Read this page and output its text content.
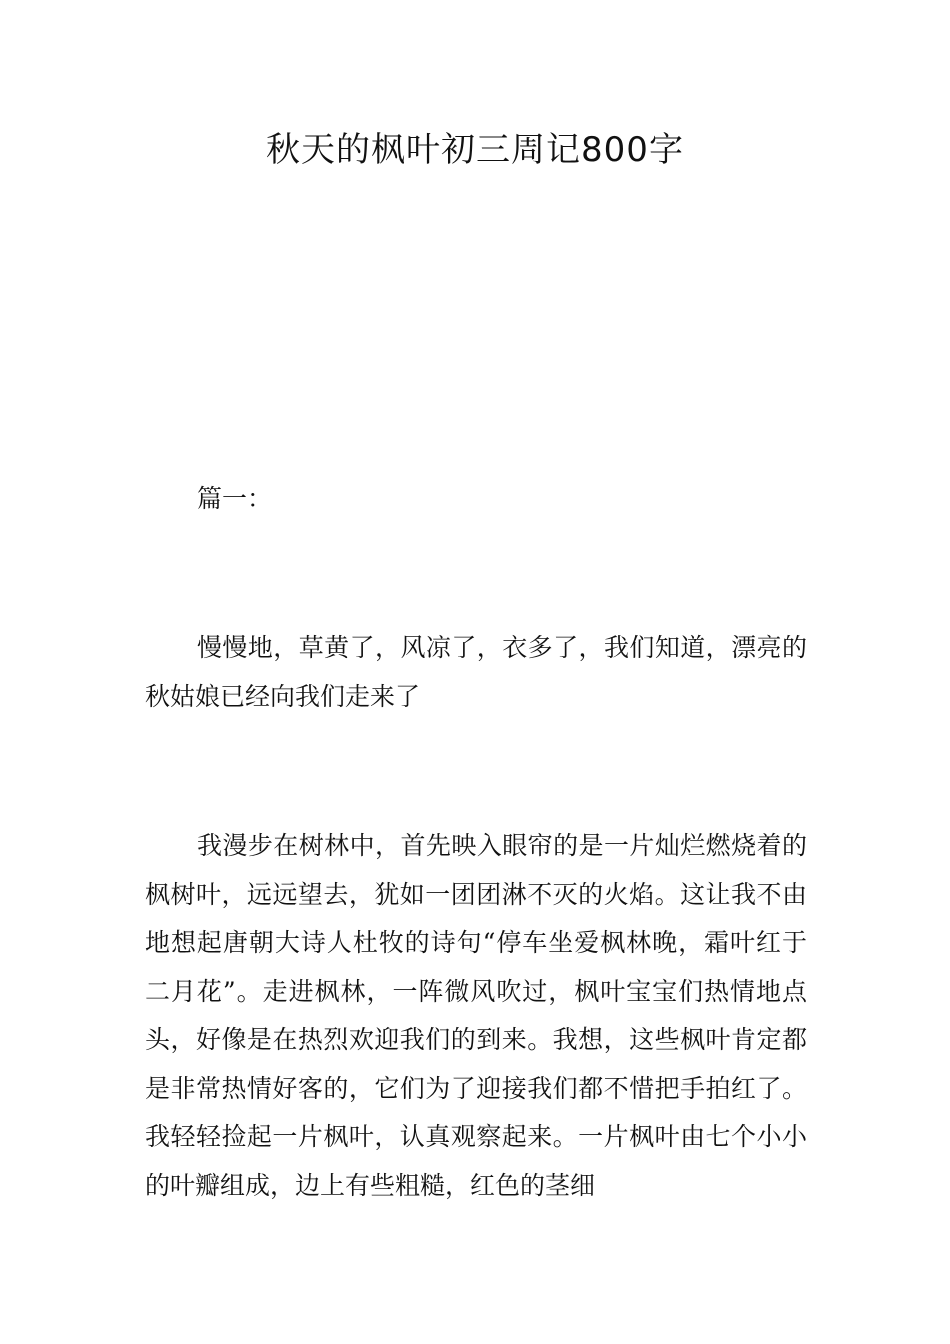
秋天的枫叶初三周记800字

篇一：

慢慢地，草黄了，风凉了，衣多了，我们知道，漂亮的秋姑娘已经向我们走来了

我漫步在树林中，首先映入眼帘的是一片灿烂燃烧着的枫树叶，远远望去，犹如一团团淋不灭的火焰。这让我不由地想起唐朝大诗人杜牧的诗句“停车坐爱枫林晚，霜叶红于二月花”。走进枫林，一阵微风吹过，枫叶宝宝们热情地点头，好像是在热烈欢迎我们的到来。我想，这些枫叶肯定都是非常热情好客的，它们为了迎接我们都不惜把手拍红了。我轻轻捡起一片枫叶，认真观察起来。一片枫叶由七个小小的叶瓣组成，边上有些粗糙，红色的茎细
